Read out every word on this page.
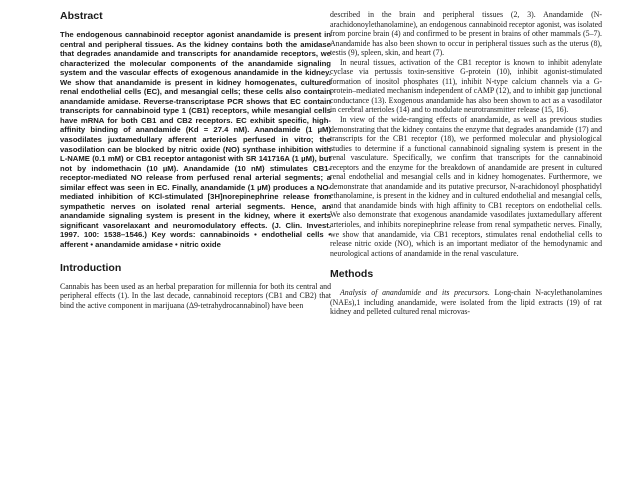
Abstract

The endogenous cannabinoid receptor agonist anandamide is present in central and peripheral tissues. As the kidney contains both the amidase that degrades anandamide and transcripts for anandamide receptors, we characterized the molecular components of the anandamide signaling system and the vascular effects of exogenous anandamide in the kidney. We show that anandamide is present in kidney homogenates, cultured renal endothelial cells (EC), and mesangial cells; these cells also contain anandamide amidase. Reverse-transcriptase PCR shows that EC contain transcripts for cannabinoid type 1 (CB1) receptors, while mesangial cells have mRNA for both CB1 and CB2 receptors. EC exhibit specific, high-affinity binding of anandamide (Kd = 27.4 nM). Anandamide (1 µM) vasodilates juxtamedullary afferent arterioles perfused in vitro; the vasodilation can be blocked by nitric oxide (NO) synthase inhibition with L-NAME (0.1 mM) or CB1 receptor antagonist with SR 141716A (1 µM), but not by indomethacin (10 µM). Anandamide (10 nM) stimulates CB1-receptor-mediated NO release from perfused renal arterial segments; a similar effect was seen in EC. Finally, anandamide (1 µM) produces a NO-mediated inhibition of KCl-stimulated [3H]norepinephrine release from sympathetic nerves on isolated renal arterial segments. Hence, an anandamide signaling system is present in the kidney, where it exerts significant vasorelaxant and neuromodulatory effects. (J. Clin. Invest. 1997. 100: 1538–1546.) Key words: cannabinoids • endothelial cells • afferent • anandamide amidase • nitric oxide

Introduction

Cannabis has been used as an herbal preparation for millennia for both its central and peripheral effects (1). In the last decade, cannabinoid receptors (CB1 and CB2) that bind the active component in marijuana (Δ9-tetrahydrocannabinol) have been

described in the brain and peripheral tissues (2, 3). Anandamide (N-arachidonoylethanolamine), an endogenous cannabinoid receptor agonist, was isolated from porcine brain (4) and confirmed to be present in brains of other mammals (5–7). Anandamide has also been shown to occur in peripheral tissues such as the uterus (8), testis (9), spleen, skin, and heart (7).

In neural tissues, activation of the CB1 receptor is known to inhibit adenylate cyclase via pertussis toxin-sensitive G-protein (10), inhibit agonist-stimulated formation of inositol phosphates (11), inhibit N-type calcium channels via a G-protein–mediated mechanism independent of cAMP (12), and to inhibit gap junctional conductance (13). Exogenous anandamide has also been shown to act as a vasodilator in cerebral arterioles (14) and to modulate neurotransmitter release (15, 16).

In view of the wide-ranging effects of anandamide, as well as previous studies demonstrating that the kidney contains the enzyme that degrades anandamide (17) and transcripts for the CB1 receptor (18), we performed molecular and physiological studies to determine if a functional cannabinoid signaling system is present in the renal vasculature. Specifically, we confirm that transcripts for the cannabinoid receptors and the enzyme for the breakdown of anandamide are present in cultured renal endothelial and mesangial cells and in kidney homogenates. Furthermore, we demonstrate that anandamide and its putative precursor, N-arachidonoyl phosphatidyl ethanolamine, is present in the kidney and in cultured endothelial and mesangial cells, and that anandamide binds with high affinity to CB1 receptors on endothelial cells. We also demonstrate that exogenous anandamide vasodilates juxtamedullary afferent arterioles, and inhibits norepinephrine release from renal sympathetic nerves. Finally, we show that anandamide, via CB1 receptors, stimulates renal endothelial cells to release nitric oxide (NO), which is an important mediator of the hemodynamic and neurological actions of anandamide in the renal vasculature.

Methods

Analysis of anandamide and its precursors. Long-chain N-acylethanolamines (NAEs),1 including anandamide, were isolated from the lipid extracts (19) of rat kidney and pelleted cultured renal microvas-
